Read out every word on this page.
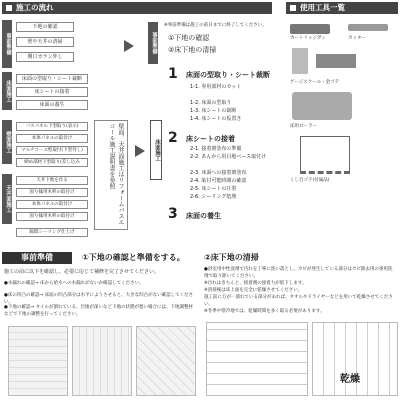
施工の流れ	使用工具一覧
事前準備
下地の確認
壁や天井の清掃
開口カラン外し
事前準備
※事前準備は施工の前日までに終了してください。
①下地の確認
②床下地の清掃
床面施工
床面の型取り・シート裁断
床シートの接着
床面の養生
壁面施工
バスパネル下型取り(表示)
本体パネルの取付け
マルチコーユ壁取付(下型外し)
納め部材下型取り(差し込み
天井面施工
天井下地を作る
固り縁用木枠の取付け
本体パネルの取付け
固り縁用木枠の取付け
隙間シーリング仕上げ
壁面、天井面施工はリフォームバスエコール施工説明書を参照	床面施工
1 床面の型取り・シート裁断
1-1. 専用部材のカット
1-2. 床面の型取り
1-3. 床シートの裁断
1-4. 床シートの仮置き
2 床シートの接着
2-1. 接着剤塗布の準備
2-2. あんから用目地ベース取付け
2-3. 床面への接着剤塗布
2-4. 貼付可能時間の確認
2-5. 床シートの圧着
2-6. シーリング処理
3 床面の養生
カートリッジガン	カッター
ゲージスケール・金ゴテ
床用ローラー
くし目ゴテ(付属品)
事前準備	①下地の確認と準備をする。 ②床下地の清掃
施工の前に以下を確認し、必要に応じて補修を完了させてください。
●水漏れの確認→ 床から給水への水漏れがないか確認してください。
●床の凹凸の確認→ 床面の凹凸部分は水平にようさせると、大きな凹凸がない確認してください。
●下地の確認→ タイルが割れている、目地が深いなど下地の状態が悪い場合には、下地調整材などで下地の調整を行ってください。
●浴室用中性洗剤で汚れを丁寧に洗い落とし、カビが発生している部分はカビ除去用の専用洗剤で取り除いてください。
※汚れはきちんと、接着剤の接着力が低下します。
※清掃後は床上面を完全に乾燥させてください。
施工前に万が一濡れている部分があれば、タオルやドライヤーなどを用いて乾燥させてください。
※冬季や寒冷地では、乾燥時間を多く取る必要があります。
乾燥
